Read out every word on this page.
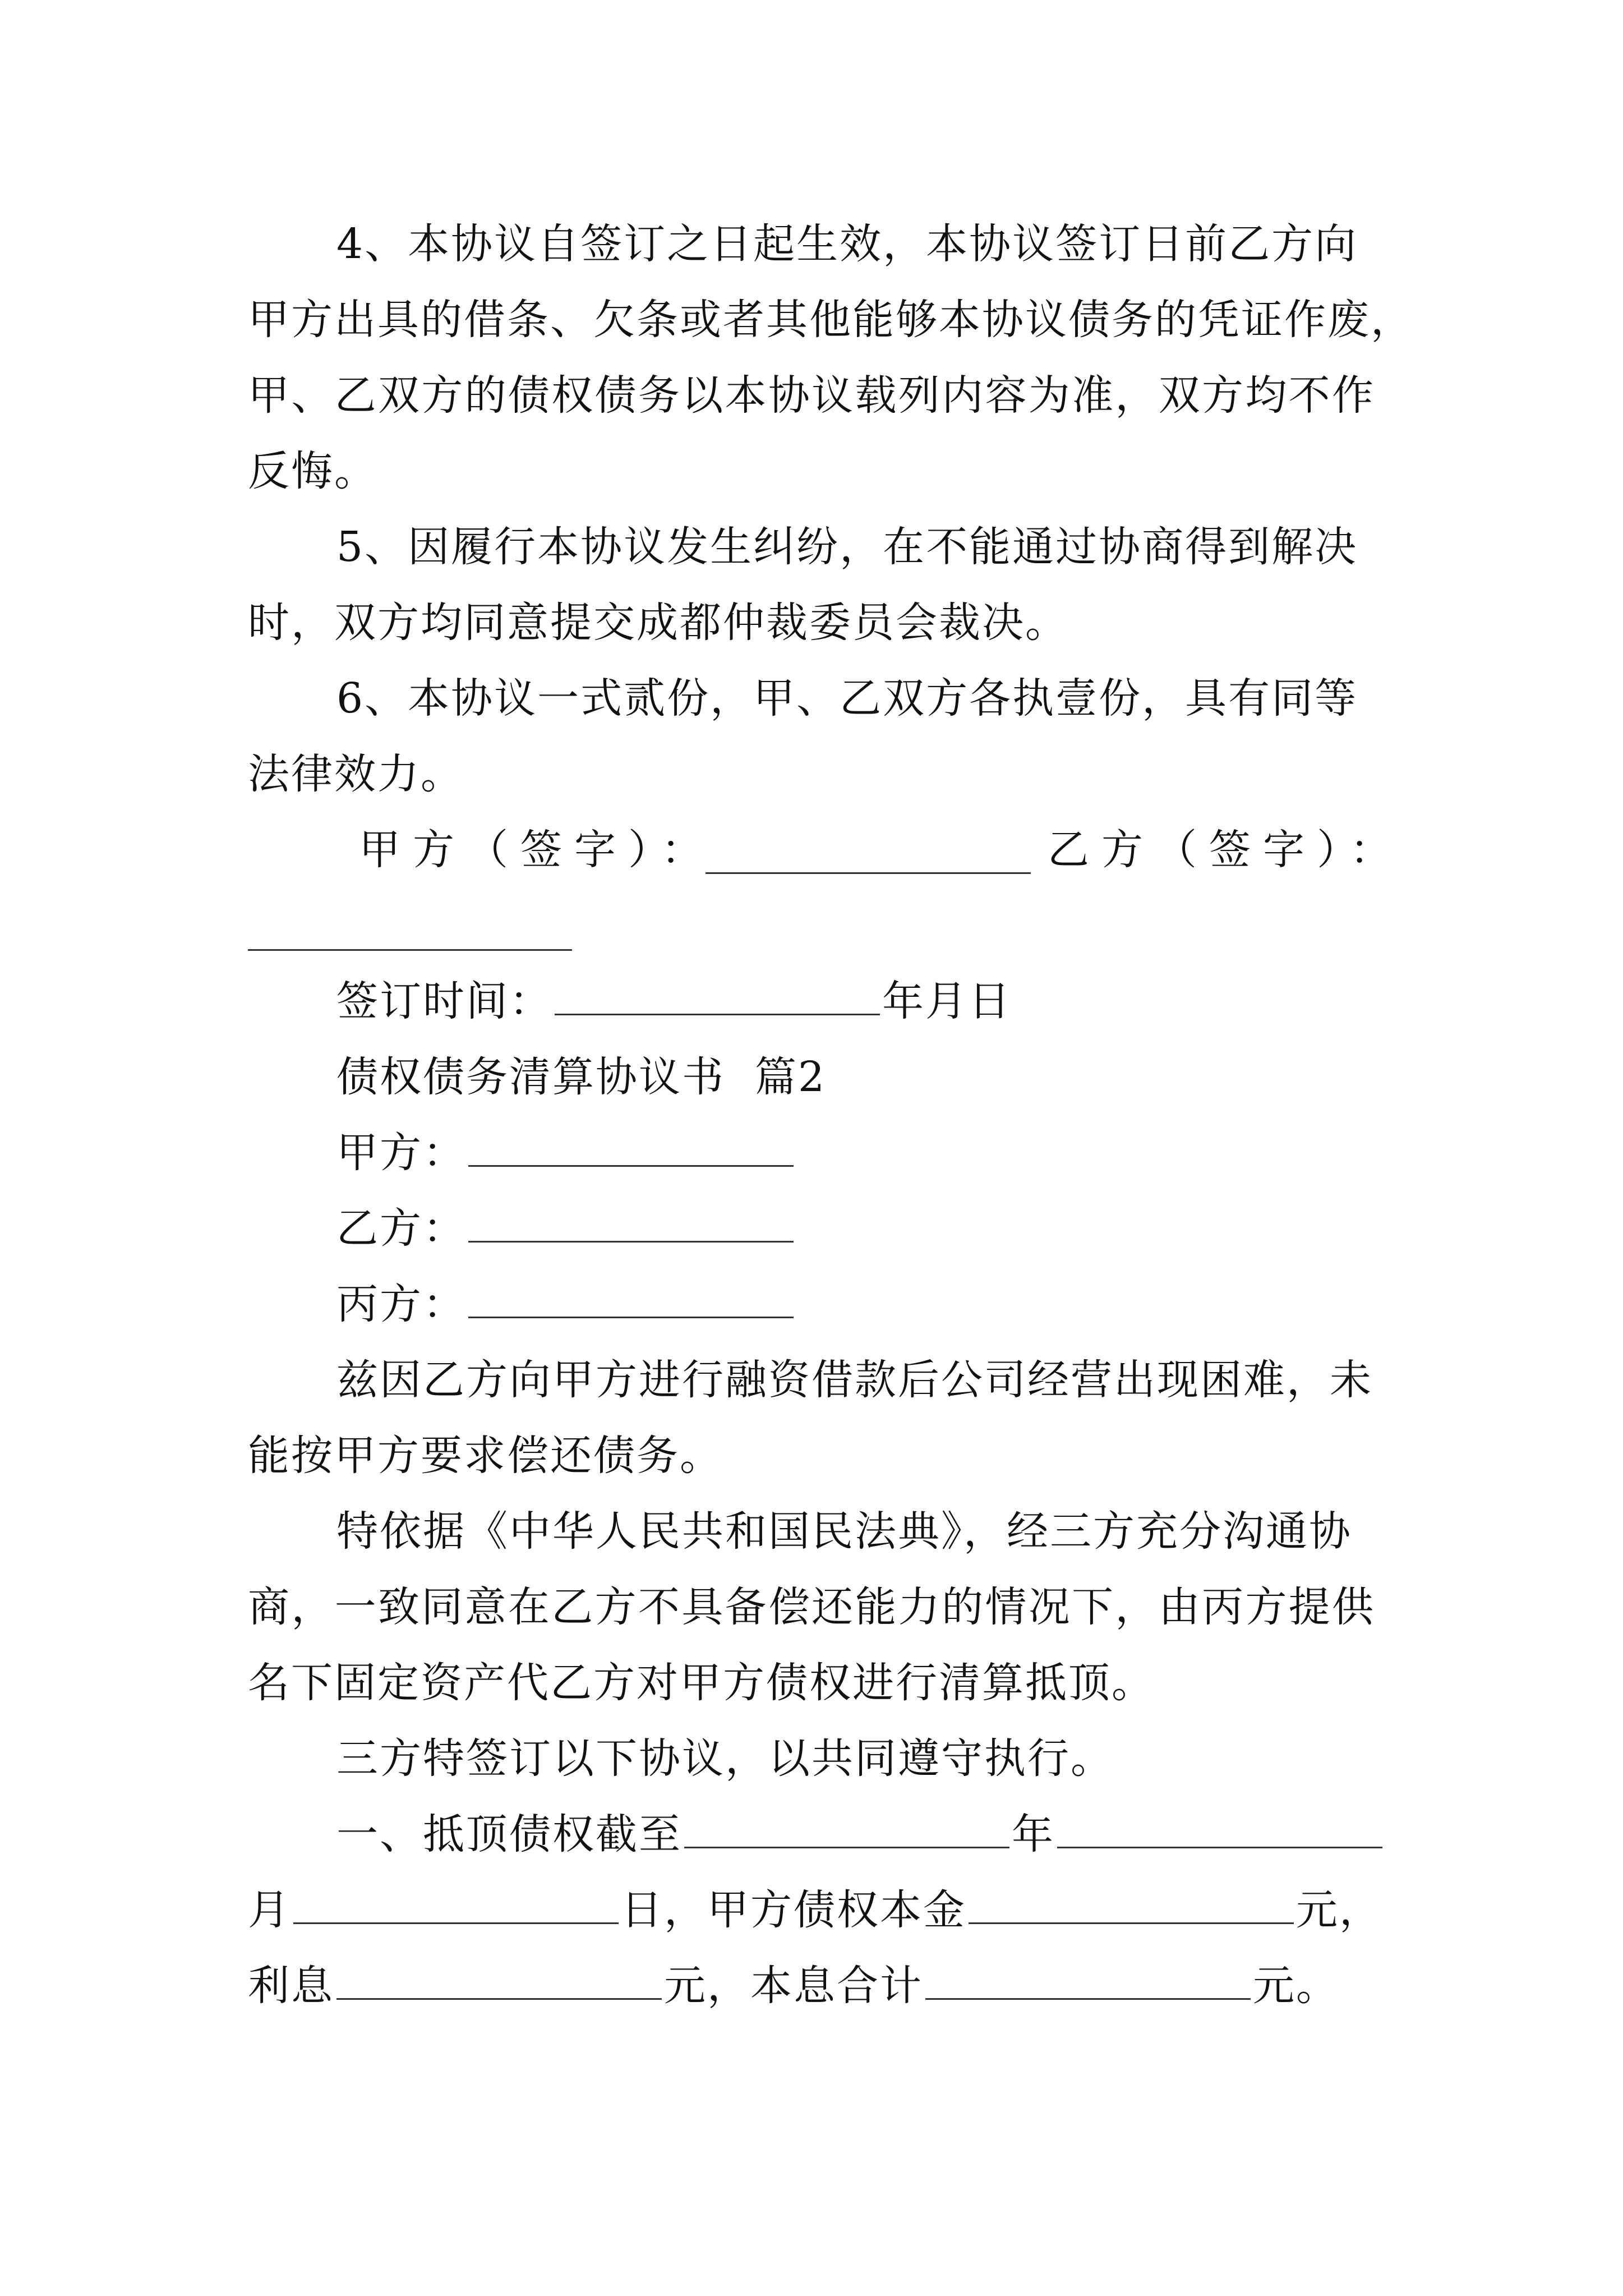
4、本协议自签订之日起生效，本协议签订日前乙方向
甲方出具的借条、欠条或者其他能够本协议债务的凭证作废，
甲、乙双方的债权债务以本协议载列内容为准，双方均不作
反悔。
5、因履行本协议发生纠纷，在不能通过协商得到解决
时，双方均同意提交成都仲裁委员会裁决。
6、本协议一式贰份，甲、乙双方各执壹份，具有同等
法律效力。
甲方（签字）：	乙方（签字）：
签订时间：	年月日
债权债务清算协议书  篇2
甲方：
乙方：
丙方：
兹因乙方向甲方进行融资借款后公司经营出现困难，未
能按甲方要求偿还债务。
特依据《中华人民共和国民法典》，经三方充分沟通协
商，一致同意在乙方不具备偿还能力的情况下，由丙方提供
名下固定资产代乙方对甲方债权进行清算抵顶。
三方特签订以下协议，以共同遵守执行。
一、抵顶债权截至	年
月	日，甲方债权本金	元，
利息	元，本息合计	元。
